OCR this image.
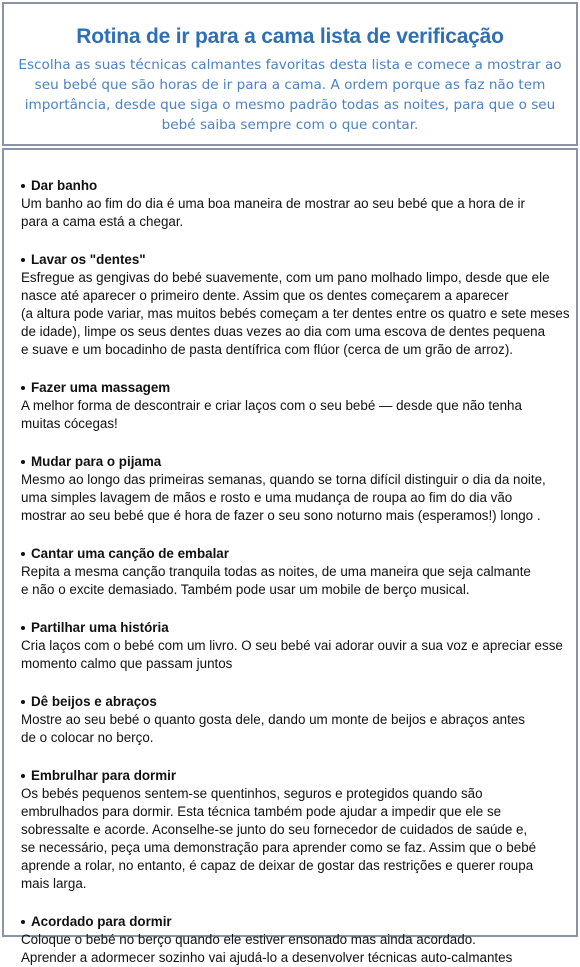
Rotina de ir para a cama lista de verificação

Escolha as suas técnicas calmantes favoritas desta lista e comece a mostrar ao seu bebé que são horas de ir para a cama. A ordem porque as faz não tem importância, desde que siga o mesmo padrão todas as noites, para que o seu bebé saiba sempre com o que contar.

Dar banho

Um banho ao fim do dia é uma boa maneira de mostrar ao seu bebé que a hora de ir
para a cama está a chegar.

Lavar os "dentes"

Esfregue as gengivas do bebé suavemente, com um pano molhado limpo, desde que ele
nasce até aparecer o primeiro dente. Assim que os dentes começarem a aparecer
(a altura pode variar, mas muitos bebés começam a ter dentes entre os quatro e sete meses
de idade), limpe os seus dentes duas vezes ao dia com uma escova de dentes pequena
e suave e um bocadinho de pasta dentífrica com flúor (cerca de um grão de arroz).

Fazer uma massagem

A melhor forma de descontrair e criar laços com o seu bebé — desde que não tenha
muitas cócegas!

Mudar para o pijama

Mesmo ao longo das primeiras semanas, quando se torna difícil distinguir o dia da noite,
uma simples lavagem de mãos e rosto e uma mudança de roupa ao fim do dia vão
mostrar ao seu bebé que é hora de fazer o seu sono noturno mais (esperamos!) longo .

Cantar uma canção de embalar

Repita a mesma canção tranquila todas as noites, de uma maneira que seja calmante
e não o excite demasiado. Também pode usar um mobile de berço musical.

Partilhar uma história

Cria laços com o bebé com um livro. O seu bebé vai adorar ouvir a sua voz e apreciar esse
momento calmo que passam juntos

Dê beijos e abraços

Mostre ao seu bebé o quanto gosta dele, dando um monte de beijos e abraços antes
de o colocar no berço.

Embrulhar para dormir

Os bebés pequenos sentem-se quentinhos, seguros e protegidos quando são
embrulhados para dormir. Esta técnica também pode ajudar a impedir que ele se
sobressalte e acorde. Aconselhe-se junto do seu fornecedor de cuidados de saúde e,
se necessário, peça uma demonstração para aprender como se faz. Assim que o bebé
aprende a rolar, no entanto, é capaz de deixar de gostar das restrições e querer roupa
mais larga.

Acordado para dormir

Coloque o bebé no berço quando ele estiver ensonado mas ainda acordado.
Aprender a adormecer sozinho vai ajudá-lo a desenvolver técnicas auto-calmantes
